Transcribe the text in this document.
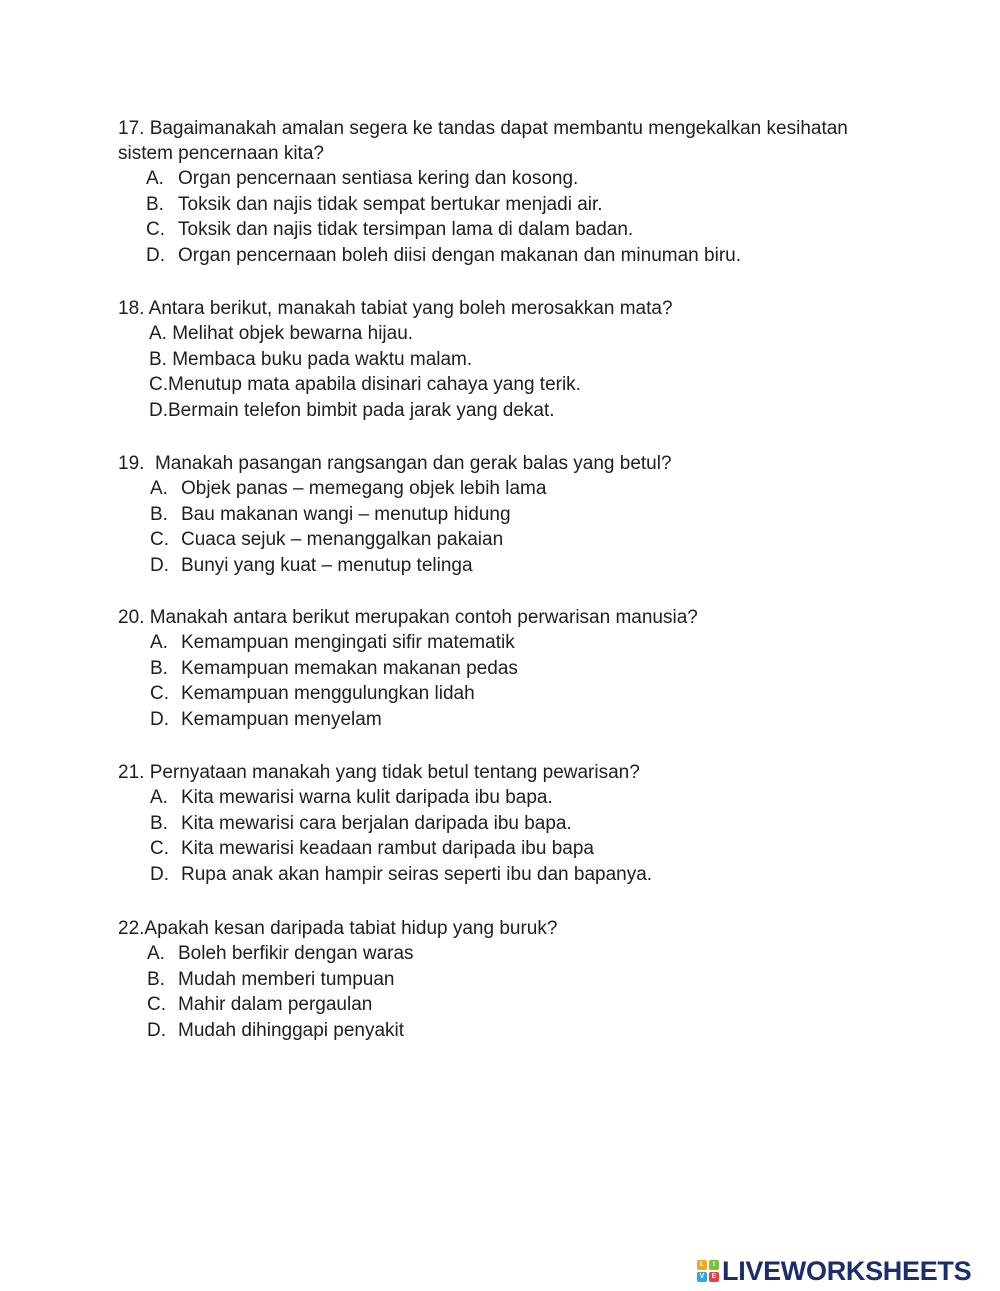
17. Bagaimanakah amalan segera ke tandas dapat membantu mengekalkan kesihatan
sistem pencernaan kita?

A. Organ pencernaan sentiasa kering dan kosong.
B. Toksik dan najis tidak sempat bertukar menjadi air.
C. Toksik dan najis tidak tersimpan lama di dalam badan.
D. Organ pencernaan boleh diisi dengan makanan dan minuman biru.

18. Antara berikut, manakah tabiat yang boleh merosakkan mata?

A. Melihat objek bewarna hijau.
B. Membaca buku pada waktu malam.
C.Menutup mata apabila disinari cahaya yang terik.
D.Bermain telefon bimbit pada jarak yang dekat.

19.  Manakah pasangan rangsangan dan gerak balas yang betul?

A. Objek panas – memegang objek lebih lama
B. Bau makanan wangi – menutup hidung
C. Cuaca sejuk – menanggalkan pakaian
D. Bunyi yang kuat – menutup telinga

20. Manakah antara berikut merupakan contoh perwarisan manusia?

A. Kemampuan mengingati sifir matematik
B. Kemampuan memakan makanan pedas
C. Kemampuan menggulungkan lidah
D. Kemampuan menyelam

21. Pernyataan manakah yang tidak betul tentang pewarisan?

A. Kita mewarisi warna kulit daripada ibu bapa.
B. Kita mewarisi cara berjalan daripada ibu bapa.
C. Kita mewarisi keadaan rambut daripada ibu bapa
D. Rupa anak akan hampir seiras seperti ibu dan bapanya.

22.Apakah kesan daripada tabiat hidup yang buruk?

A. Boleh berfikir dengan waras
B. Mudah memberi tumpuan
C. Mahir dalam pergaulan
D. Mudah dihinggapi penyakit
L	I
V	E LIVEWORKSHEETS
